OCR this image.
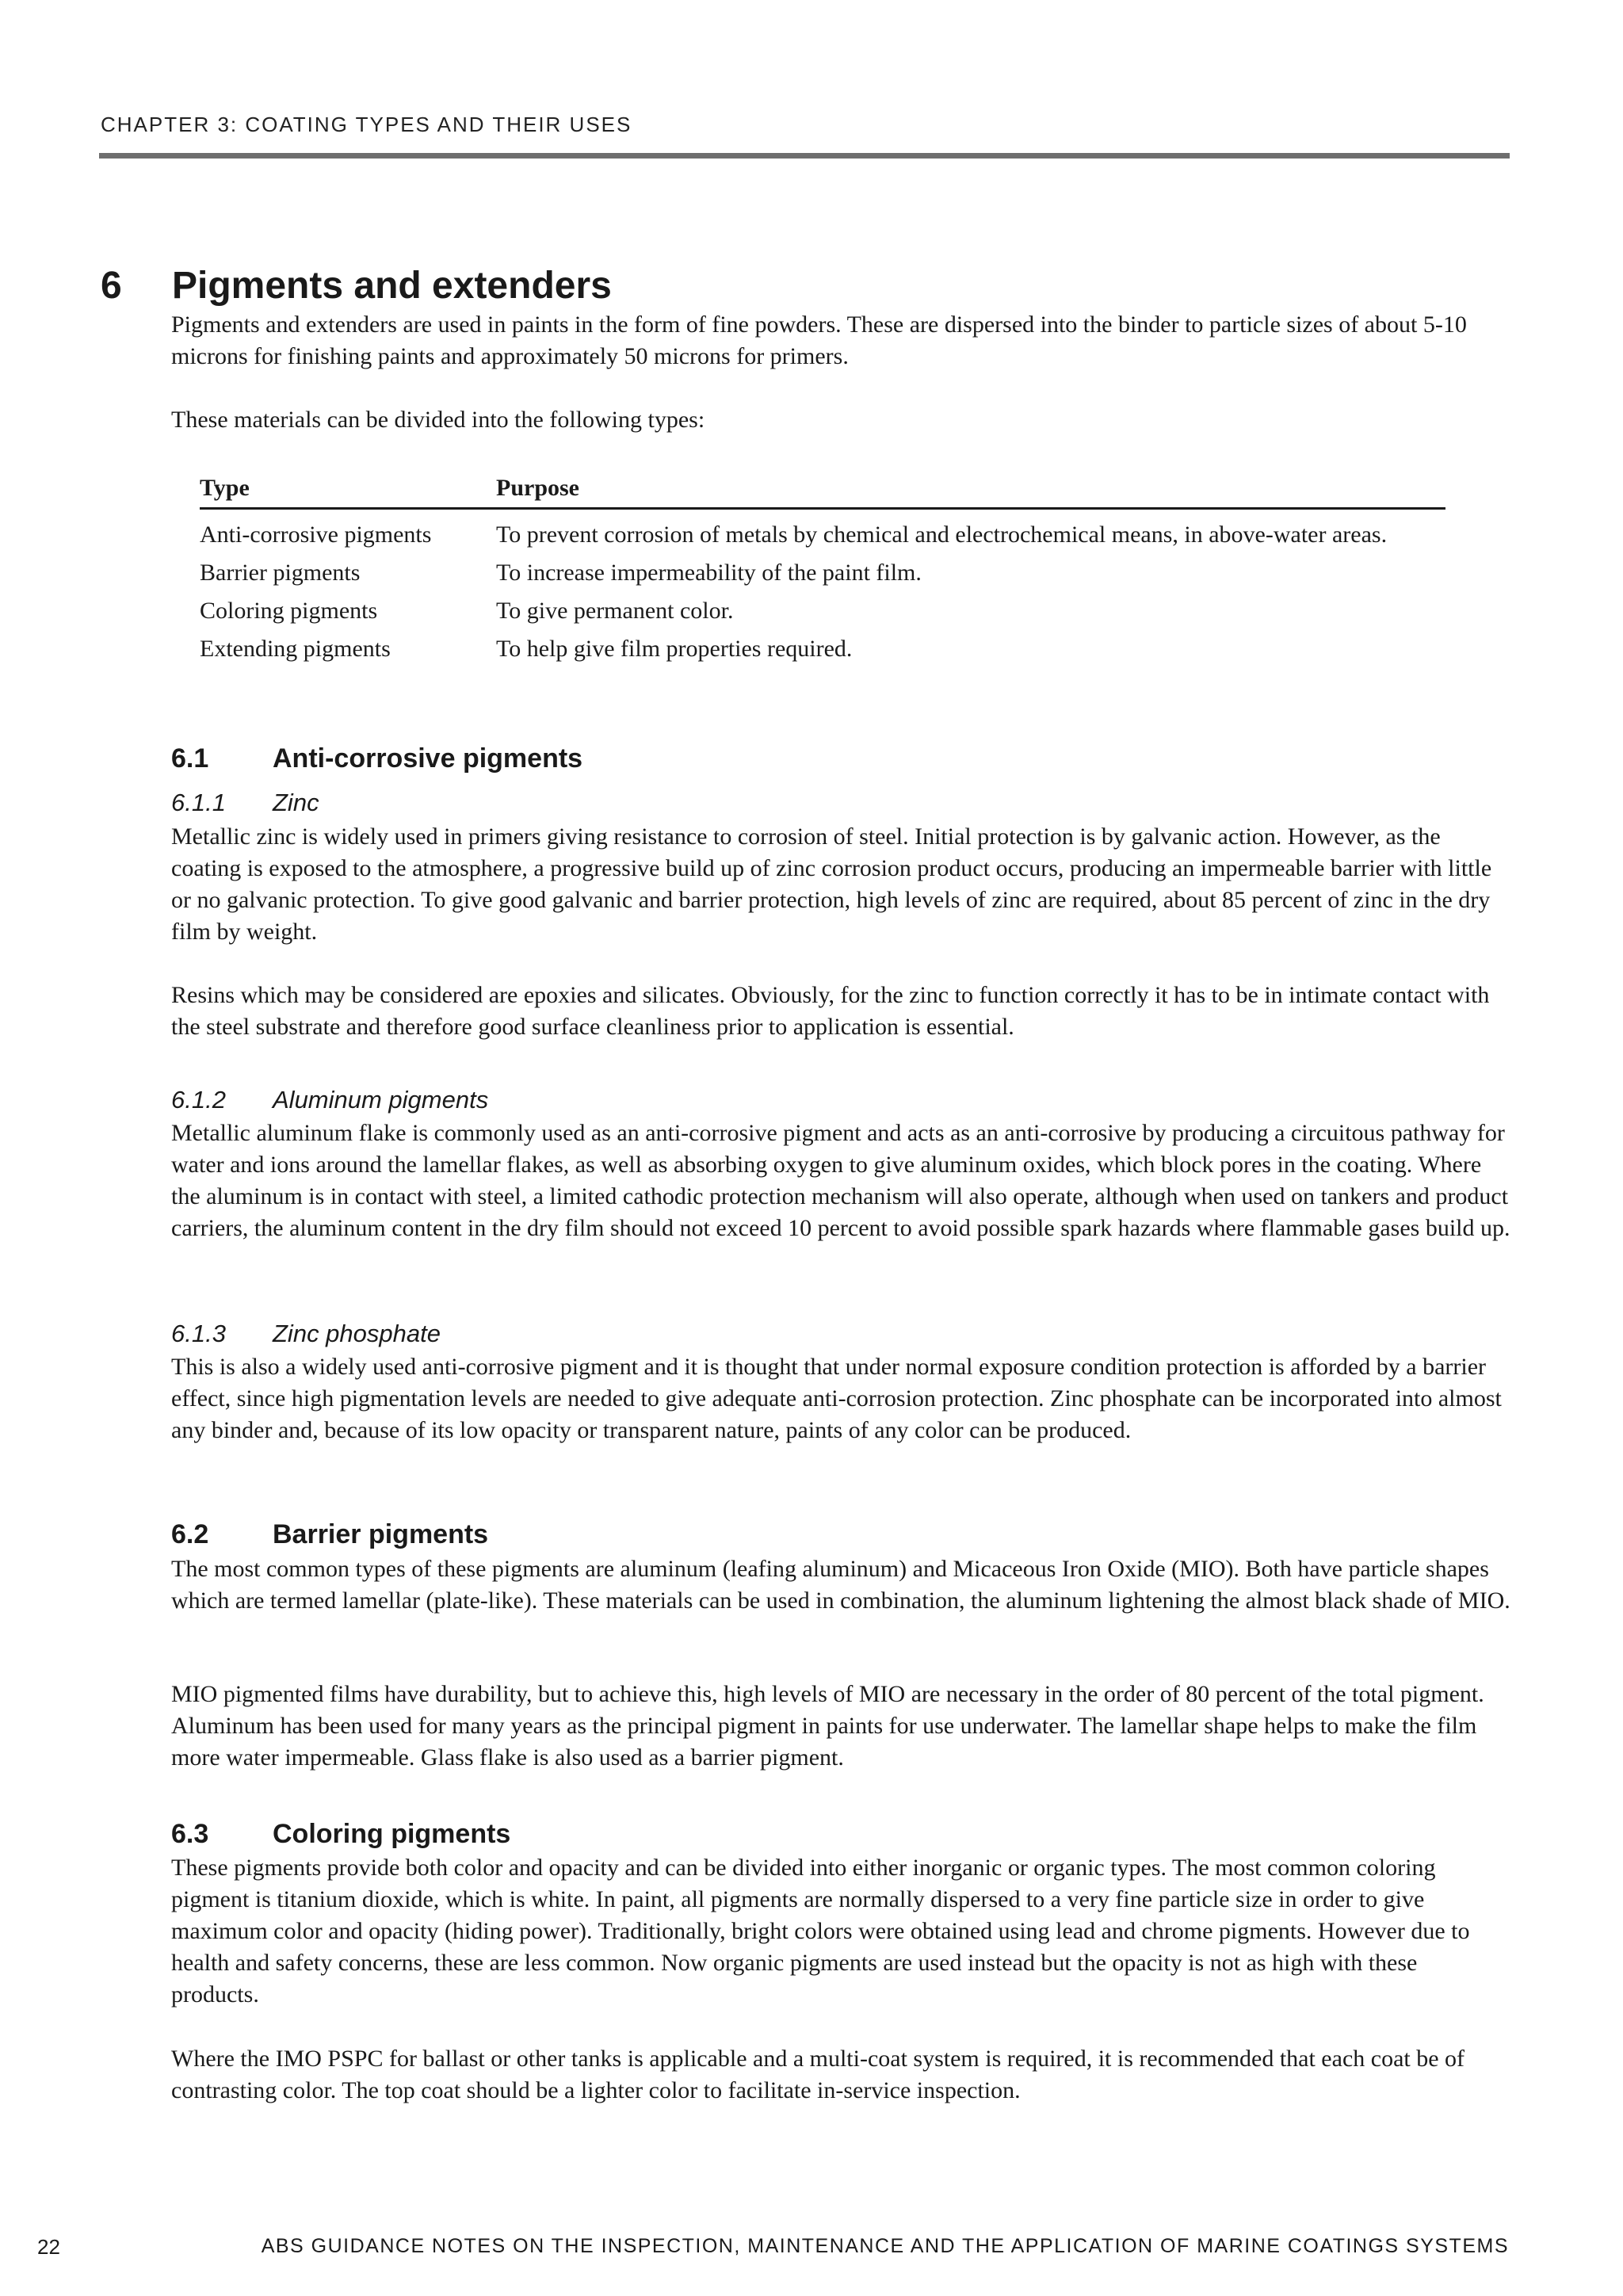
CHAPTER 3: COATING TYPES AND THEIR USES
6 Pigments and extenders

Pigments and extenders are used in paints in the form of fine powders. These are dispersed into the binder to particle sizes of about 5-10 microns for finishing paints and approximately 50 microns for primers.

These materials can be divided into the following types:

Type	Purpose
Anti-corrosive pigments	To prevent corrosion of metals by chemical and electrochemical means, in above-water areas.
Barrier pigments	To increase impermeability of the paint film.
Coloring pigments	To give permanent color.
Extending pigments	To help give film properties required.
6.1 Anti-corrosive pigments
6.1.1 Zinc

Metallic zinc is widely used in primers giving resistance to corrosion of steel. Initial protection is by galvanic action. However, as the coating is exposed to the atmosphere, a progressive build up of zinc corrosion product occurs, producing an impermeable barrier with little or no galvanic protection. To give good galvanic and barrier protection, high levels of zinc are required, about 85 percent of zinc in the dry film by weight.

Resins which may be considered are epoxies and silicates. Obviously, for the zinc to function correctly it has to be in intimate contact with the steel substrate and therefore good surface cleanliness prior to application is essential.

6.1.2 Aluminum pigments

Metallic aluminum flake is commonly used as an anti-corrosive pigment and acts as an anti-corrosive by producing a circuitous pathway for water and ions around the lamellar flakes, as well as absorbing oxygen to give aluminum oxides, which block pores in the coating. Where the aluminum is in contact with steel, a limited cathodic protection mechanism will also operate, although when used on tankers and product carriers, the aluminum content in the dry film should not exceed 10 percent to avoid possible spark hazards where flammable gases build up.

6.1.3 Zinc phosphate

This is also a widely used anti-corrosive pigment and it is thought that under normal exposure condition protection is afforded by a barrier effect, since high pigmentation levels are needed to give adequate anti-corrosion protection. Zinc phosphate can be incorporated into almost any binder and, because of its low opacity or transparent nature, paints of any color can be produced.

6.2 Barrier pigments

The most common types of these pigments are aluminum (leafing aluminum) and Micaceous Iron Oxide (MIO). Both have particle shapes which are termed lamellar (plate-like). These materials can be used in combination, the aluminum lightening the almost black shade of MIO.

MIO pigmented films have durability, but to achieve this, high levels of MIO are necessary in the order of 80 percent of the total pigment. Aluminum has been used for many years as the principal pigment in paints for use underwater. The lamellar shape helps to make the film more water impermeable. Glass flake is also used as a barrier pigment.

6.3 Coloring pigments

These pigments provide both color and opacity and can be divided into either inorganic or organic types. The most common coloring pigment is titanium dioxide, which is white. In paint, all pigments are normally dispersed to a very fine particle size in order to give maximum color and opacity (hiding power). Traditionally, bright colors were obtained using lead and chrome pigments. However due to health and safety concerns, these are less common. Now organic pigments are used instead but the opacity is not as high with these products.

Where the IMO PSPC for ballast or other tanks is applicable and a multi-coat system is required, it is recommended that each coat be of contrasting color. The top coat should be a lighter color to facilitate in-service inspection.

22	ABS GUIDANCE NOTES ON THE INSPECTION, MAINTENANCE AND THE APPLICATION OF MARINE COATINGS SYSTEMS
